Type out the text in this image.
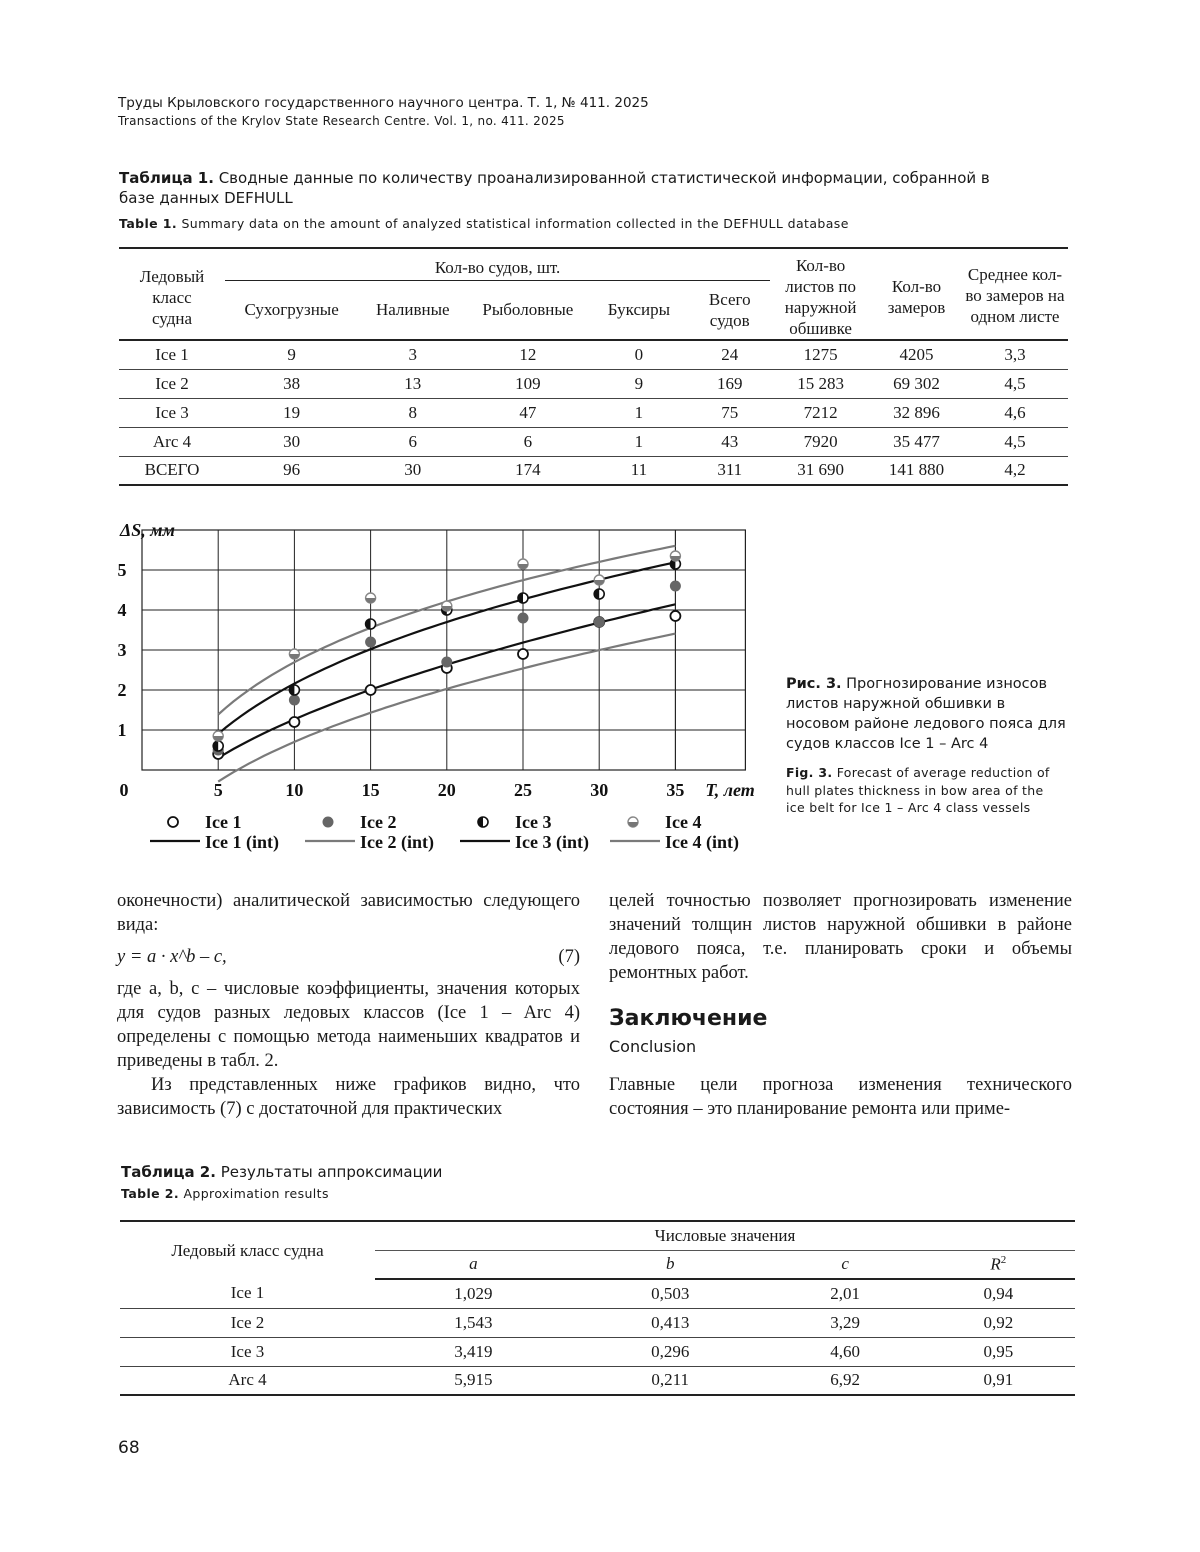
Труды Крыловского государственного научного центра. Т. 1, № 411. 2025
Transactions of the Krylov State Research Centre. Vol. 1, no. 411. 2025
Таблица 1. Сводные данные по количеству проанализированной статистической информации, собранной в базе данных DEFHULL
Table 1. Summary data on the amount of analyzed statistical information collected in the DEFHULL database
Ледовый класс судна	Кол-во судов, шт.					Кол-во листов по наружной обшивке	Кол-во замеров	Среднее кол-во замеров на одном листе

	Сухогрузные	Наливные	Рыболовные	Буксиры	Всего судов			

Ice 1	9	3	12	0	24	1275	4205	3,3
Ice 2	38	13	109	9	169	15 283	69 302	4,5
Ice 3	19	8	47	1	75	7212	32 896	4,6
Arc 4	30	6	6	1	43	7920	35 477	4,5
ВСЕГО	96	30	174	11	311	31 690	141 880	4,2
0	5	10	15	20	25	30	35
1
2
3
4
5
ΔS, мм
T, лет
Ice 1	Ice 2	Ice 3	Ice 4
Ice 1 (int)	Ice 2 (int)	Ice 3 (int)	Ice 4 (int)
Рис. 3. Прогнозирование износов листов наружной обшивки в носовом районе ледового пояса для судов классов Ice 1 – Arc 4
Fig. 3. Forecast of average reduction of hull plates thickness in bow area of the ice belt for Ice 1 – Arc 4 class vessels
оконечности) аналитической зависимостью следующего вида:
y = a · x^b – c,	(7)
где a, b, c – числовые коэффициенты, значения которых для судов разных ледовых классов (Ice 1 – Arc 4) определены с помощью метода наименьших квадратов и приведены в табл. 2.
Из представленных ниже графиков видно, что зависимость (7) с достаточной для практических
целей точностью позволяет прогнозировать изменение значений толщин листов наружной обшивки в районе ледового пояса, т.е. планировать сроки и объемы ремонтных работ.
Заключение
Conclusion
Главные цели прогноза изменения технического состояния – это планирование ремонта или приме-
Таблица 2. Результаты аппроксимации
Table 2. Approximation results
Ледовый класс судна	Числовые значения			
	a	b	c	$R^2$
Ice 1	1,029	0,503	2,01	0,94
Ice 2	1,543	0,413	3,29	0,92
Ice 3	3,419	0,296	4,60	0,95
Arc 4	5,915	0,211	6,92	0,91
68
